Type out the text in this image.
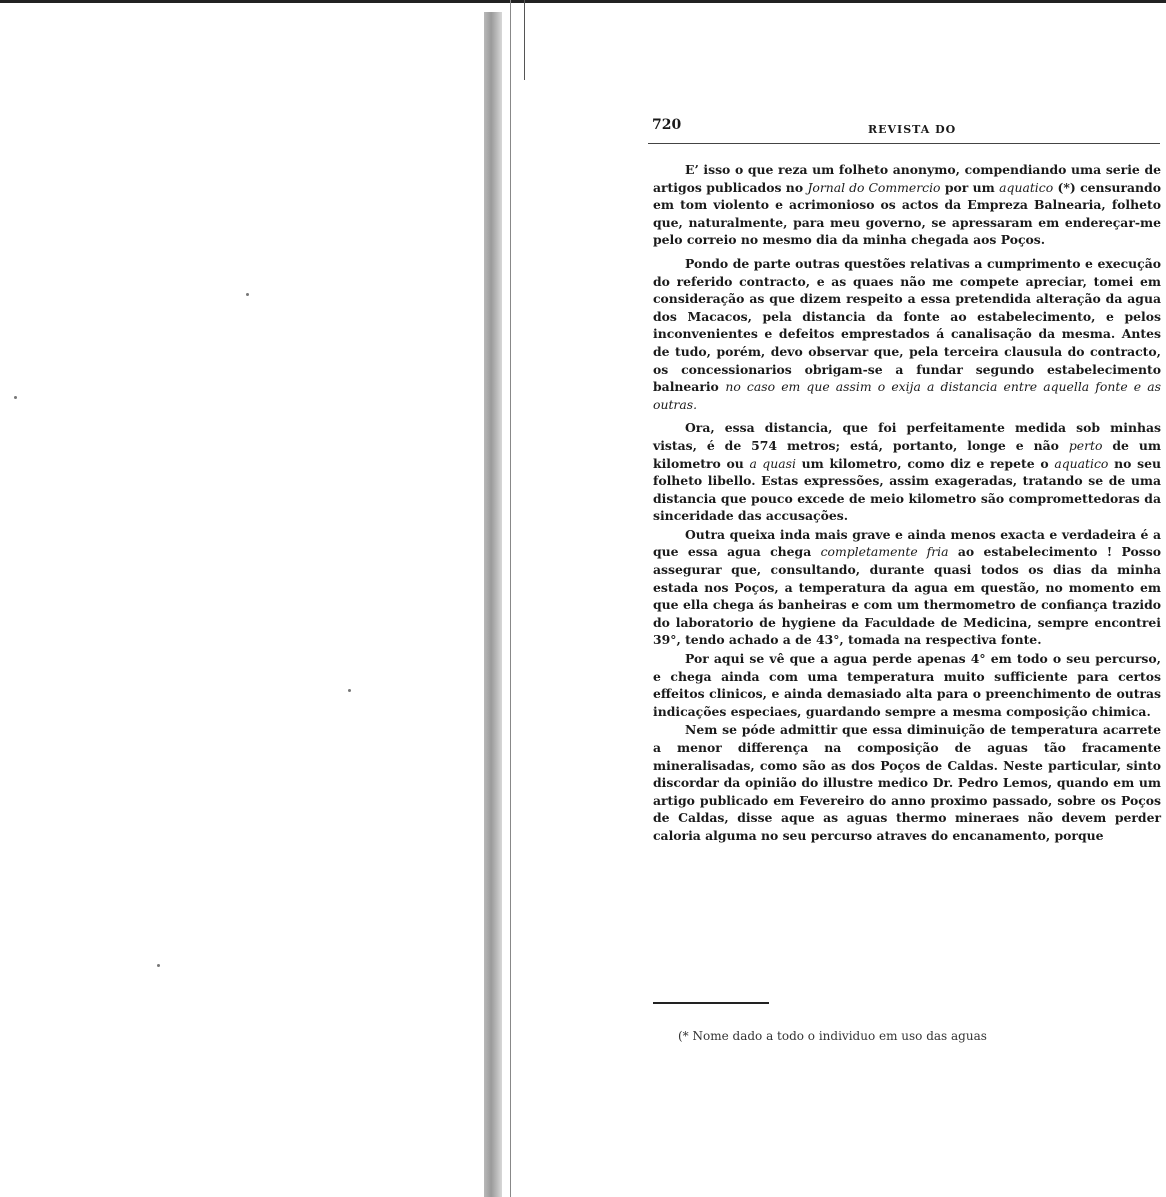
720	REVISTA DO

E’ isso o que reza um folheto anonymo, compendiando uma serie de artigos publicados no Jornal do Commercio por um aquatico (*) censurando em tom violento e acrimonioso os actos da Empreza Balnearia, folheto que, naturalmente, para meu governo, se apressaram em endereçar-me pelo correio no mesmo dia da minha chegada aos Poços.

Pondo de parte outras questões relativas a cumprimento e execução do referido contracto, e as quaes não me compete apreciar, tomei em consideração as que dizem respeito a essa pretendida alteração da agua dos Macacos, pela distancia da fonte ao estabelecimento, e pelos inconvenientes e defeitos emprestados á canalisação da mesma. Antes de tudo, porém, devo observar que, pela terceira clausula do contracto, os concessionarios obrigam-se a fundar segundo estabelecimento balneario no caso em que assim o exija a distancia entre aquella fonte e as outras.

Ora, essa distancia, que foi perfeitamente medida sob minhas vistas, é de 574 metros; está, portanto, longe e não perto de um kilometro ou a quasi um kilometro, como diz e repete o aquatico no seu folheto libello. Estas expressões, assim exageradas, tratando se de uma distancia que pouco excede de meio kilometro são compromettedoras da sinceridade das accusações.

Outra queixa inda mais grave e ainda menos exacta e verdadeira é a que essa agua chega completamente fria ao estabelecimento ! Posso assegurar que, consultando, durante quasi todos os dias da minha estada nos Poços, a temperatura da agua em questão, no momento em que ella chega ás banheiras e com um thermometro de confiança trazido do laboratorio de hygiene da Faculdade de Medicina, sempre encontrei 39°, tendo achado a de 43°, tomada na respectiva fonte.

Por aqui se vê que a agua perde apenas 4° em todo o seu percurso, e chega ainda com uma temperatura muito sufficiente para certos effeitos clinicos, e ainda demasiado alta para o preenchimento de outras indicações especiaes, guardando sempre a mesma composição chimica.

Nem se póde admittir que essa diminuição de temperatura acarrete a menor differença na composição de aguas tão fracamente mineralisadas, como são as dos Poços de Caldas. Neste particular, sinto discordar da opinião do illustre medico Dr. Pedro Lemos, quando em um artigo publicado em Fevereiro do anno proximo passado, sobre os Poços de Caldas, disse aque as aguas thermo mineraes não devem perder caloria alguma no seu percurso atraves do encanamento, porque

(* Nome dado a todo o individuo em uso das aguas
